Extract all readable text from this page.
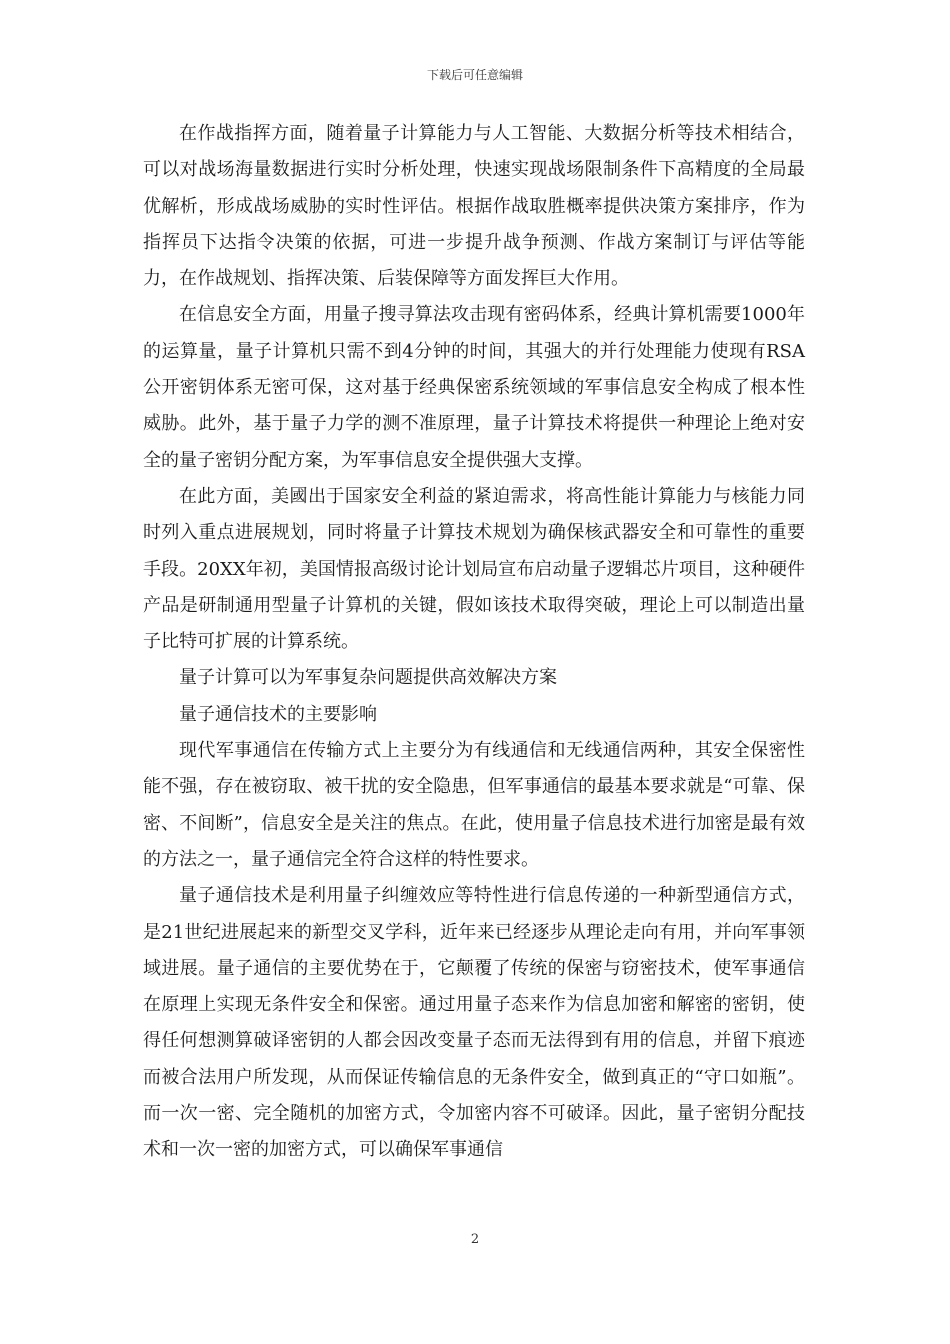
下载后可任意编辑

在作战指挥方面，随着量子计算能力与人工智能、大数据分析等技术相结合，可以对战场海量数据进行实时分析处理，快速实现战场限制条件下高精度的全局最优解析，形成战场威胁的实时性评估。根据作战取胜概率提供决策方案排序，作为指挥员下达指令决策的依据，可进一步提升战争预测、作战方案制订与评估等能力，在作战规划、指挥决策、后装保障等方面发挥巨大作用。

在信息安全方面，用量子搜寻算法攻击现有密码体系，经典计算机需要1000年的运算量，量子计算机只需不到4分钟的时间，其强大的并行处理能力使现有RSA公开密钥体系无密可保，这对基于经典保密系统领域的军事信息安全构成了根本性威胁。此外，基于量子力学的测不准原理，量子计算技术将提供一种理论上绝对安全的量子密钥分配方案，为军事信息安全提供强大支撑。

在此方面，美國出于国家安全利益的紧迫需求，将高性能计算能力与核能力同时列入重点进展规划，同时将量子计算技术规划为确保核武器安全和可靠性的重要手段。20XX年初，美国情报高级讨论计划局宣布启动量子逻辑芯片项目，这种硬件产品是研制通用型量子计算机的关键，假如该技术取得突破，理论上可以制造出量子比特可扩展的计算系统。

量子计算可以为军事复杂问题提供高效解决方案

量子通信技术的主要影响

现代军事通信在传输方式上主要分为有线通信和无线通信两种，其安全保密性能不强，存在被窃取、被干扰的安全隐患，但军事通信的最基本要求就是“可靠、保密、不间断”，信息安全是关注的焦点。在此，使用量子信息技术进行加密是最有效的方法之一，量子通信完全符合这样的特性要求。

量子通信技术是利用量子纠缠效应等特性进行信息传递的一种新型通信方式，是21世纪进展起来的新型交叉学科，近年来已经逐步从理论走向有用，并向军事领域进展。量子通信的主要优势在于，它颠覆了传统的保密与窃密技术，使军事通信在原理上实现无条件安全和保密。通过用量子态来作为信息加密和解密的密钥，使得任何想测算破译密钥的人都会因改变量子态而无法得到有用的信息，并留下痕迹而被合法用户所发现，从而保证传输信息的无条件安全，做到真正的“守口如瓶”。而一次一密、完全随机的加密方式，令加密内容不可破译。因此，量子密钥分配技术和一次一密的加密方式，可以确保军事通信

2
